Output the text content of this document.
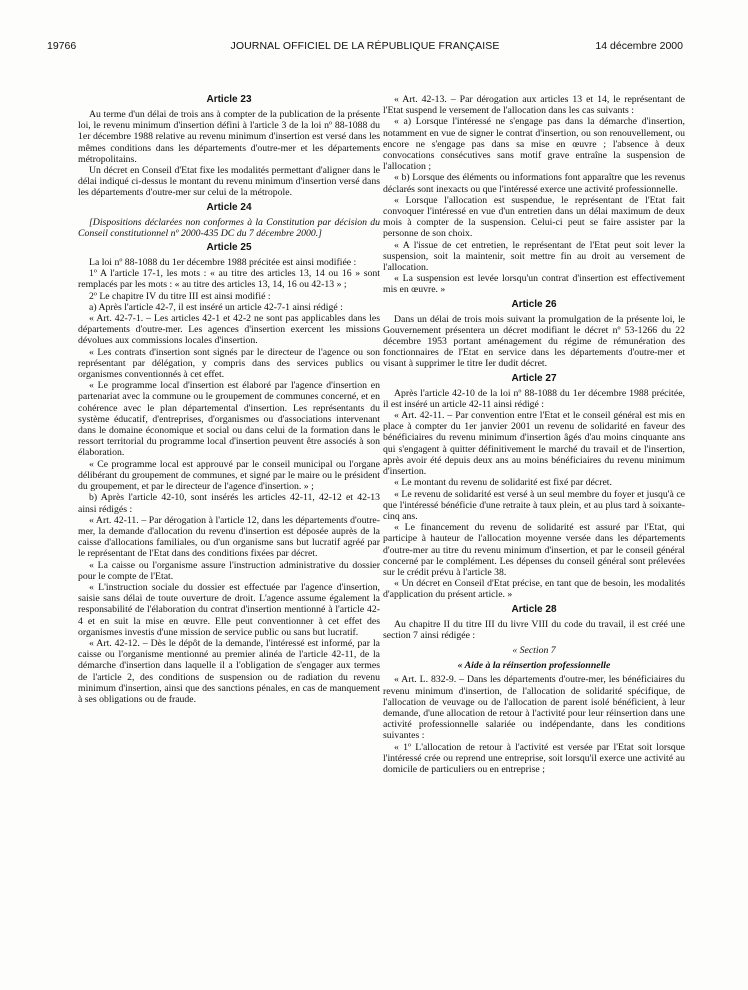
19766	JOURNAL OFFICIEL DE LA RÉPUBLIQUE FRANÇAISE	14 décembre 2000
Article 23

Au terme d'un délai de trois ans à compter de la publication de la présente loi, le revenu minimum d'insertion défini à l'article 3 de la loi nº 88-1088 du 1er décembre 1988 relative au revenu minimum d'insertion est versé dans les mêmes conditions dans les départements d'outre-mer et les départements métropolitains.

Un décret en Conseil d'Etat fixe les modalités permettant d'aligner dans le délai indiqué ci-dessus le montant du revenu minimum d'insertion versé dans les départements d'outre-mer sur celui de la métropole.

Article 24

[Dispositions déclarées non conformes à la Constitution par décision du Conseil constitutionnel nº 2000-435 DC du 7 décembre 2000.]

Article 25

La loi nº 88-1088 du 1er décembre 1988 précitée est ainsi modifiée :

1º A l'article 17-1, les mots : « au titre des articles 13, 14 ou 16 » sont remplacés par les mots : « au titre des articles 13, 14, 16 ou 42-13 » ;

2º Le chapitre IV du titre III est ainsi modifié :

a) Après l'article 42-7, il est inséré un article 42-7-1 ainsi rédigé :

« Art. 42-7-1. – Les articles 42-1 et 42-2 ne sont pas applicables dans les départements d'outre-mer. Les agences d'insertion exercent les missions dévolues aux commissions locales d'insertion.

« Les contrats d'insertion sont signés par le directeur de l'agence ou son représentant par délégation, y compris dans des services publics ou organismes conventionnés à cet effet.

« Le programme local d'insertion est élaboré par l'agence d'insertion en partenariat avec la commune ou le groupement de communes concerné, et en cohérence avec le plan départemental d'insertion. Les représentants du système éducatif, d'entreprises, d'organismes ou d'associations intervenant dans le domaine économique et social ou dans celui de la formation dans le ressort territorial du programme local d'insertion peuvent être associés à son élaboration.

« Ce programme local est approuvé par le conseil municipal ou l'organe délibérant du groupement de communes, et signé par le maire ou le président du groupement, et par le directeur de l'agence d'insertion. » ;

b) Après l'article 42-10, sont insérés les articles 42-11, 42-12 et 42-13 ainsi rédigés :

« Art. 42-11. – Par dérogation à l'article 12, dans les départements d'outre-mer, la demande d'allocation du revenu d'insertion est déposée auprès de la caisse d'allocations familiales, ou d'un organisme sans but lucratif agréé par le représentant de l'Etat dans des conditions fixées par décret.

« La caisse ou l'organisme assure l'instruction administrative du dossier pour le compte de l'Etat.

« L'instruction sociale du dossier est effectuée par l'agence d'insertion, saisie sans délai de toute ouverture de droit. L'agence assume également la responsabilité de l'élaboration du contrat d'insertion mentionné à l'article 42-4 et en suit la mise en œuvre. Elle peut conventionner à cet effet des organismes investis d'une mission de service public ou sans but lucratif.

« Art. 42-12. – Dès le dépôt de la demande, l'intéressé est informé, par la caisse ou l'organisme mentionné au premier alinéa de l'article 42-11, de la démarche d'insertion dans laquelle il a l'obligation de s'engager aux termes de l'article 2, des conditions de suspension ou de radiation du revenu minimum d'insertion, ainsi que des sanctions pénales, en cas de manquement à ses obligations ou de fraude.

« Art. 42-13. – Par dérogation aux articles 13 et 14, le représentant de l'Etat suspend le versement de l'allocation dans les cas suivants :

« a) Lorsque l'intéressé ne s'engage pas dans la démarche d'insertion, notamment en vue de signer le contrat d'insertion, ou son renouvellement, ou encore ne s'engage pas dans sa mise en œuvre ; l'absence à deux convocations consécutives sans motif grave entraîne la suspension de l'allocation ;

« b) Lorsque des éléments ou informations font apparaître que les revenus déclarés sont inexacts ou que l'intéressé exerce une activité professionnelle.

« Lorsque l'allocation est suspendue, le représentant de l'Etat fait convoquer l'intéressé en vue d'un entretien dans un délai maximum de deux mois à compter de la suspension. Celui-ci peut se faire assister par la personne de son choix.

« A l'issue de cet entretien, le représentant de l'Etat peut soit lever la suspension, soit la maintenir, soit mettre fin au droit au versement de l'allocation.

« La suspension est levée lorsqu'un contrat d'insertion est effectivement mis en œuvre. »

Article 26

Dans un délai de trois mois suivant la promulgation de la présente loi, le Gouvernement présentera un décret modifiant le décret nº 53-1266 du 22 décembre 1953 portant aménagement du régime de rémunération des fonctionnaires de l'Etat en service dans les départements d'outre-mer et visant à supprimer le titre Ier dudit décret.

Article 27

Après l'article 42-10 de la loi nº 88-1088 du 1er décembre 1988 précitée, il est inséré un article 42-11 ainsi rédigé :

« Art. 42-11. – Par convention entre l'Etat et le conseil général est mis en place à compter du 1er janvier 2001 un revenu de solidarité en faveur des bénéficiaires du revenu minimum d'insertion âgés d'au moins cinquante ans qui s'engagent à quitter définitivement le marché du travail et de l'insertion, après avoir été depuis deux ans au moins bénéficiaires du revenu minimum d'insertion.

« Le montant du revenu de solidarité est fixé par décret.

« Le revenu de solidarité est versé à un seul membre du foyer et jusqu'à ce que l'intéressé bénéficie d'une retraite à taux plein, et au plus tard à soixante-cinq ans.

« Le financement du revenu de solidarité est assuré par l'Etat, qui participe à hauteur de l'allocation moyenne versée dans les départements d'outre-mer au titre du revenu minimum d'insertion, et par le conseil général concerné par le complément. Les dépenses du conseil général sont prélevées sur le crédit prévu à l'article 38.

« Un décret en Conseil d'Etat précise, en tant que de besoin, les modalités d'application du présent article. »

Article 28

Au chapitre II du titre III du livre VIII du code du travail, il est créé une section 7 ainsi rédigée :

« Section 7

« Aide à la réinsertion professionnelle

« Art. L. 832-9. – Dans les départements d'outre-mer, les bénéficiaires du revenu minimum d'insertion, de l'allocation de solidarité spécifique, de l'allocation de veuvage ou de l'allocation de parent isolé bénéficient, à leur demande, d'une allocation de retour à l'activité pour leur réinsertion dans une activité professionnelle salariée ou indépendante, dans les conditions suivantes :

« 1º L'allocation de retour à l'activité est versée par l'Etat soit lorsque l'intéressé crée ou reprend une entreprise, soit lorsqu'il exerce une activité au domicile de particuliers ou en entreprise ;
